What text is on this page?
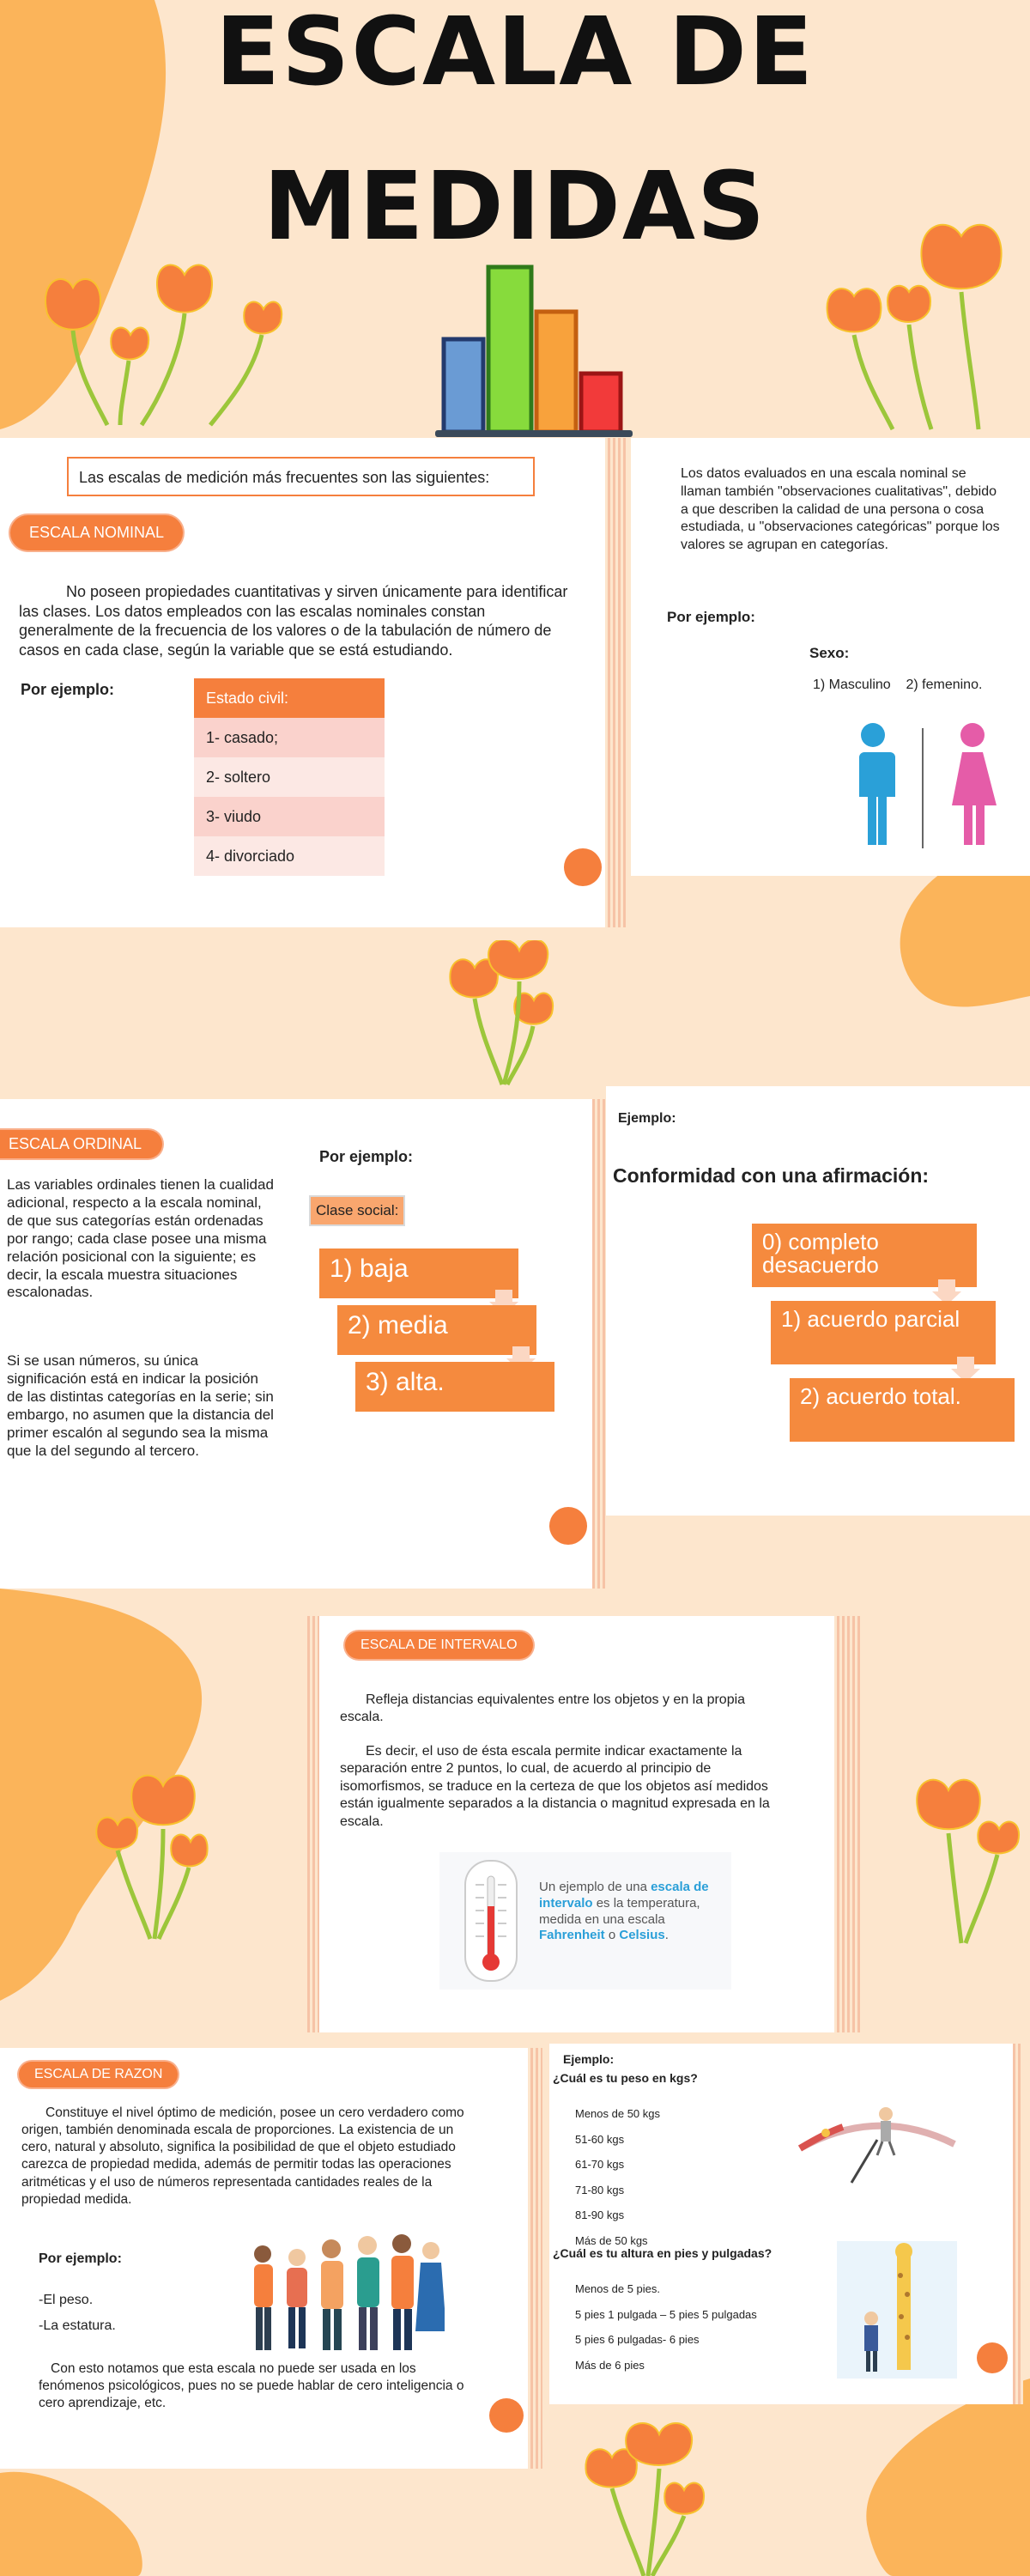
ESCALA DE
MEDIDAS
Las escalas de medición más frecuentes son las siguientes:
ESCALA NOMINAL
No poseen propiedades cuantitativas y sirven únicamente para identificar las clases. Los datos empleados con las escalas nominales constan generalmente de la frecuencia de los valores o de la tabulación de número de casos en cada clase, según la variable que se está estudiando.
Por ejemplo:	Estado civil:
1- casado;
2- soltero
3- viudo
4- divorciado
Los datos evaluados en una escala nominal se llaman también "observaciones cualitativas", debido a que describen la calidad de una persona o cosa estudiada, u "observaciones categóricas" porque los valores se agrupan en categorías.
Por ejemplo:
Sexo:
1) Masculino    2) femenino.
ESCALA ORDINAL
Las variables ordinales tienen la cualidad adicional, respecto a la escala nominal, de que sus categorías están ordenadas por rango; cada clase posee una misma relación posicional con la siguiente; es decir, la escala muestra situaciones escalonadas.
Si se usan números, su única significación está en indicar la posición de las distintas categorías en la serie; sin embargo, no asumen que la distancia del primer escalón al segundo sea la misma que la del segundo al tercero.
Por ejemplo:
Clase social:
1) baja
2) media
3) alta.
Ejemplo:
Conformidad con una afirmación:
0) completo desacuerdo
1) acuerdo parcial
2) acuerdo total.
ESCALA DE INTERVALO
Refleja distancias equivalentes entre los objetos y en la propia escala.
Es decir, el uso de ésta escala permite indicar exactamente la separación entre 2 puntos, lo cual, de acuerdo al principio de isomorfismos, se traduce en la certeza de que los objetos así medidos están igualmente separados a la distancia o magnitud expresada en la escala.
Un ejemplo de una escala de intervalo es la temperatura, medida en una escala Fahrenheit o Celsius.
ESCALA DE RAZON
Constituye el nivel óptimo de medición, posee un cero verdadero como origen, también denominada escala de proporciones. La existencia de un cero, natural y absoluto, significa la posibilidad de que el objeto estudiado carezca de propiedad medida, además de permitir todas las operaciones aritméticas y el uso de números representada cantidades reales de la propiedad medida.
Por ejemplo:
-El peso.
-La estatura.
Con esto notamos que esta escala no puede ser usada en los fenómenos psicológicos, pues no se puede hablar de cero inteligencia o cero aprendizaje, etc.
Ejemplo:
¿Cuál es tu peso en kgs?

Menos de 50 kgs

51-60 kgs

61-70 kgs

71-80 kgs

81-90 kgs

Más de 50 kgs

¿Cuál es tu altura en pies y pulgadas?

Menos de 5 pies.

5 pies 1 pulgada – 5 pies 5 pulgadas

5 pies 6 pulgadas- 6 pies

Más de 6 pies
